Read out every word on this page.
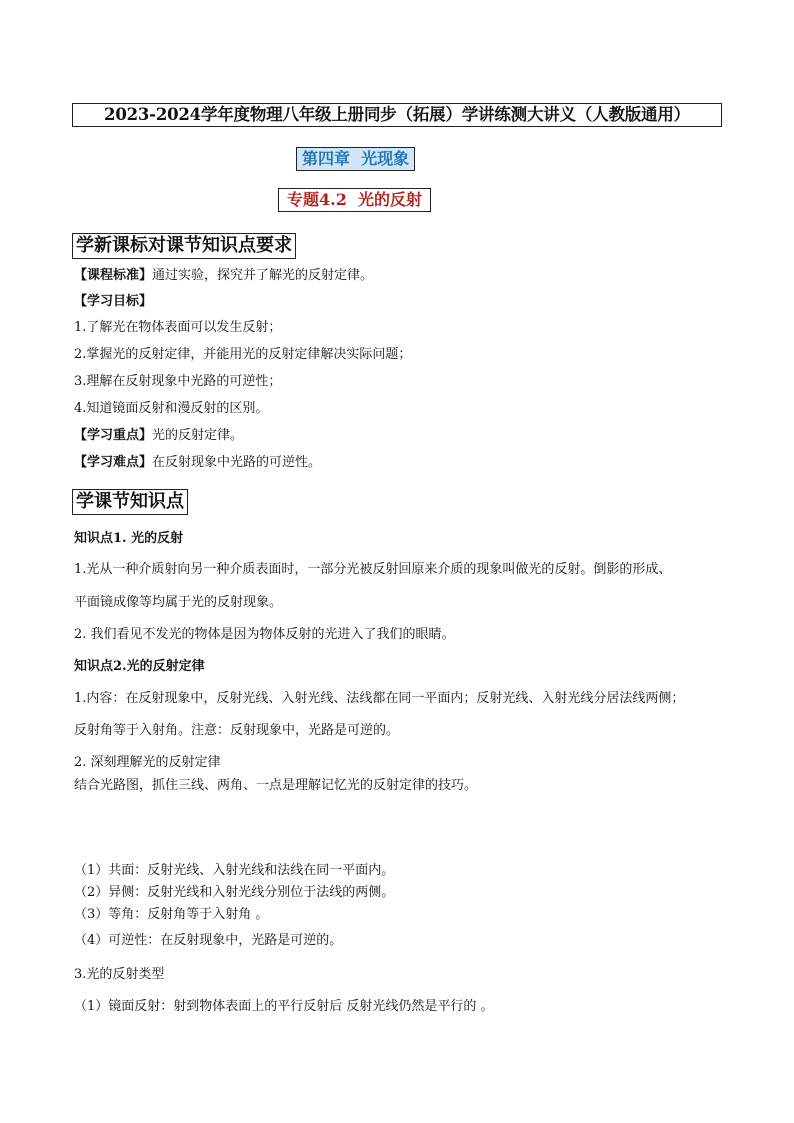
2023-2024学年度物理八年级上册同步（拓展）学讲练测大讲义（人教版通用）
第四章  光现象
专题4.2  光的反射
学新课标对课节知识点要求
【课程标准】通过实验，探究并了解光的反射定律。
【学习目标】
1.了解光在物体表面可以发生反射；
2.掌握光的反射定律，并能用光的反射定律解决实际问题；
3.理解在反射现象中光路的可逆性；
4.知道镜面反射和漫反射的区别。
【学习重点】光的反射定律。
【学习难点】在反射现象中光路的可逆性。
学课节知识点
知识点1. 光的反射
1.光从一种介质射向另一种介质表面时，一部分光被反射回原来介质的现象叫做光的反射。倒影的形成、
平面镜成像等均属于光的反射现象。
2. 我们看见不发光的物体是因为物体反射的光进入了我们的眼睛。
知识点2.光的反射定律
1.内容：在反射现象中，反射光线、入射光线、法线都在同一平面内；反射光线、入射光线分居法线两侧；
反射角等于入射角。注意：反射现象中，光路是可逆的。
2. 深刻理解光的反射定律
结合光路图，抓住三线、两角、一点是理解记忆光的反射定律的技巧。
（1）共面：反射光线、入射光线和法线在同一平面内。
（2）异侧：反射光线和入射光线分别位于法线的两侧。
（3）等角：反射角等于入射角 。
（4）可逆性：在反射现象中，光路是可逆的。
3.光的反射类型
（1）镜面反射：射到物体表面上的平行反射后 反射光线仍然是平行的 。
